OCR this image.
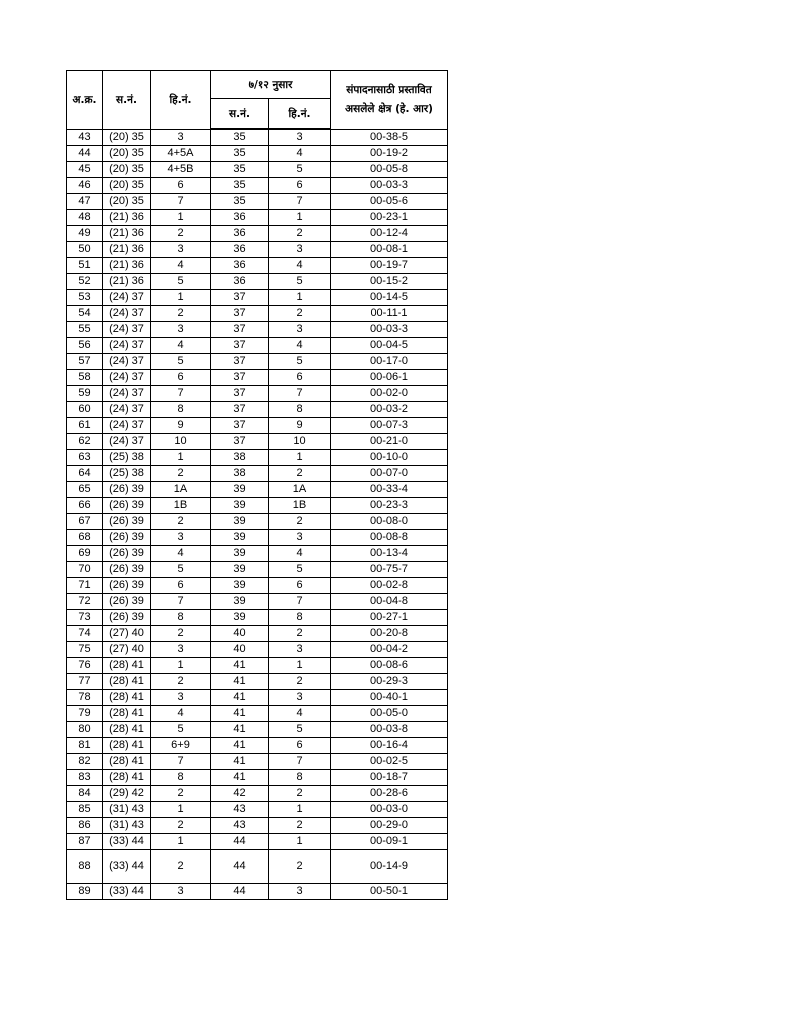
अ.क्र.	स.नं.	हि.नं.	७/१२ नुसार		संपादनासाठी प्रस्तावित असलेले क्षेत्र (हे. आर)
			स.नं.	हि.नं.	
43	(20) 35	3	35	3	00-38-5
44	(20) 35	4+5A	35	4	00-19-2
45	(20) 35	4+5B	35	5	00-05-8
46	(20) 35	6	35	6	00-03-3
47	(20) 35	7	35	7	00-05-6
48	(21) 36	1	36	1	00-23-1
49	(21) 36	2	36	2	00-12-4
50	(21) 36	3	36	3	00-08-1
51	(21) 36	4	36	4	00-19-7
52	(21) 36	5	36	5	00-15-2
53	(24) 37	1	37	1	00-14-5
54	(24) 37	2	37	2	00-11-1
55	(24) 37	3	37	3	00-03-3
56	(24) 37	4	37	4	00-04-5
57	(24) 37	5	37	5	00-17-0
58	(24) 37	6	37	6	00-06-1
59	(24) 37	7	37	7	00-02-0
60	(24) 37	8	37	8	00-03-2
61	(24) 37	9	37	9	00-07-3
62	(24) 37	10	37	10	00-21-0
63	(25) 38	1	38	1	00-10-0
64	(25) 38	2	38	2	00-07-0
65	(26) 39	1A	39	1A	00-33-4
66	(26) 39	1B	39	1B	00-23-3
67	(26) 39	2	39	2	00-08-0
68	(26) 39	3	39	3	00-08-8
69	(26) 39	4	39	4	00-13-4
70	(26) 39	5	39	5	00-75-7
71	(26) 39	6	39	6	00-02-8
72	(26) 39	7	39	7	00-04-8
73	(26) 39	8	39	8	00-27-1
74	(27) 40	2	40	2	00-20-8
75	(27) 40	3	40	3	00-04-2
76	(28) 41	1	41	1	00-08-6
77	(28) 41	2	41	2	00-29-3
78	(28) 41	3	41	3	00-40-1
79	(28) 41	4	41	4	00-05-0
80	(28) 41	5	41	5	00-03-8
81	(28) 41	6+9	41	6	00-16-4
82	(28) 41	7	41	7	00-02-5
83	(28) 41	8	41	8	00-18-7
84	(29) 42	2	42	2	00-28-6
85	(31) 43	1	43	1	00-03-0
86	(31) 43	2	43	2	00-29-0
87	(33) 44	1	44	1	00-09-1
88	(33) 44	2	44	2	00-14-9
89	(33) 44	3	44	3	00-50-1
